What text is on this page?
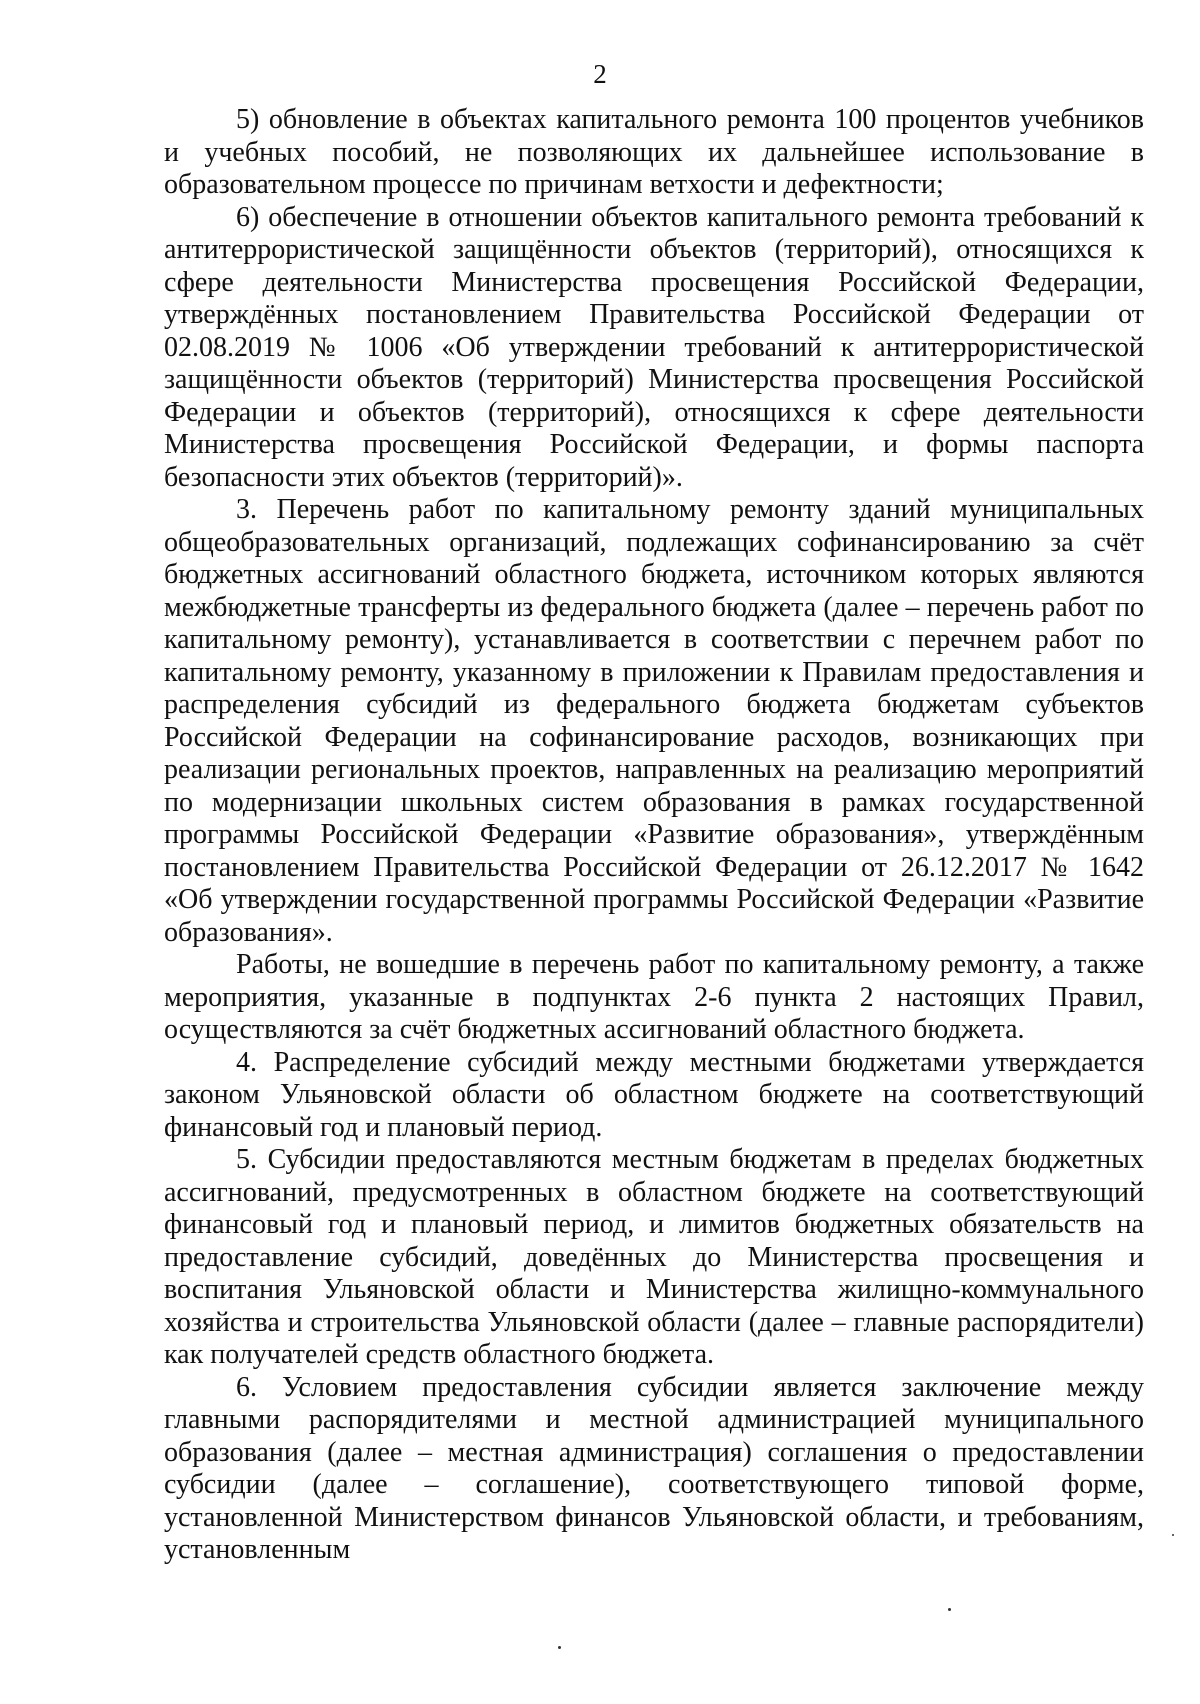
2

5) обновление в объектах капитального ремонта 100 процентов учебников и учебных пособий, не позволяющих их дальнейшее использование в образовательном процессе по причинам ветхости и дефектности;

6) обеспечение в отношении объектов капитального ремонта требований к антитеррористической защищённости объектов (территорий), относящихся к сфере деятельности Министерства просвещения Российской Федерации, утверждённых постановлением Правительства Российской Федерации от 02.08.2019 № 1006 «Об утверждении требований к антитеррористической защищённости объектов (территорий) Министерства просвещения Российской Федерации и объектов (территорий), относящихся к сфере деятельности Министерства просвещения Российской Федерации, и формы паспорта безопасности этих объектов (территорий)».

3. Перечень работ по капитальному ремонту зданий муниципальных общеобразовательных организаций, подлежащих софинансированию за счёт бюджетных ассигнований областного бюджета, источником которых являются межбюджетные трансферты из федерального бюджета (далее – перечень работ по капитальному ремонту), устанавливается в соответствии с перечнем работ по капитальному ремонту, указанному в приложении к Правилам предоставления и распределения субсидий из федерального бюджета бюджетам субъектов Российской Федерации на софинансирование расходов, возникающих при реализации региональных проектов, направленных на реализацию мероприятий по модернизации школьных систем образования в рамках государственной программы Российской Федерации «Развитие образования», утверждённым постановлением Правительства Российской Федерации от 26.12.2017 № 1642 «Об утверждении государственной программы Российской Федерации «Развитие образования».

Работы, не вошедшие в перечень работ по капитальному ремонту, а также мероприятия, указанные в подпунктах 2-6 пункта 2 настоящих Правил, осуществляются за счёт бюджетных ассигнований областного бюджета.

4. Распределение субсидий между местными бюджетами утверждается законом Ульяновской области об областном бюджете на соответствующий финансовый год и плановый период.

5. Субсидии предоставляются местным бюджетам в пределах бюджетных ассигнований, предусмотренных в областном бюджете на соответствующий финансовый год и плановый период, и лимитов бюджетных обязательств на предоставление субсидий, доведённых до Министерства просвещения и воспитания Ульяновской области и Министерства жилищно-коммунального хозяйства и строительства Ульяновской области (далее – главные распорядители) как получателей средств областного бюджета.

6. Условием предоставления субсидии является заключение между главными распорядителями и местной администрацией муниципального образования (далее – местная администрация) соглашения о предоставлении субсидии (далее – соглашение), соответствующего типовой форме, установленной Министерством финансов Ульяновской области, и требованиям, установленным
